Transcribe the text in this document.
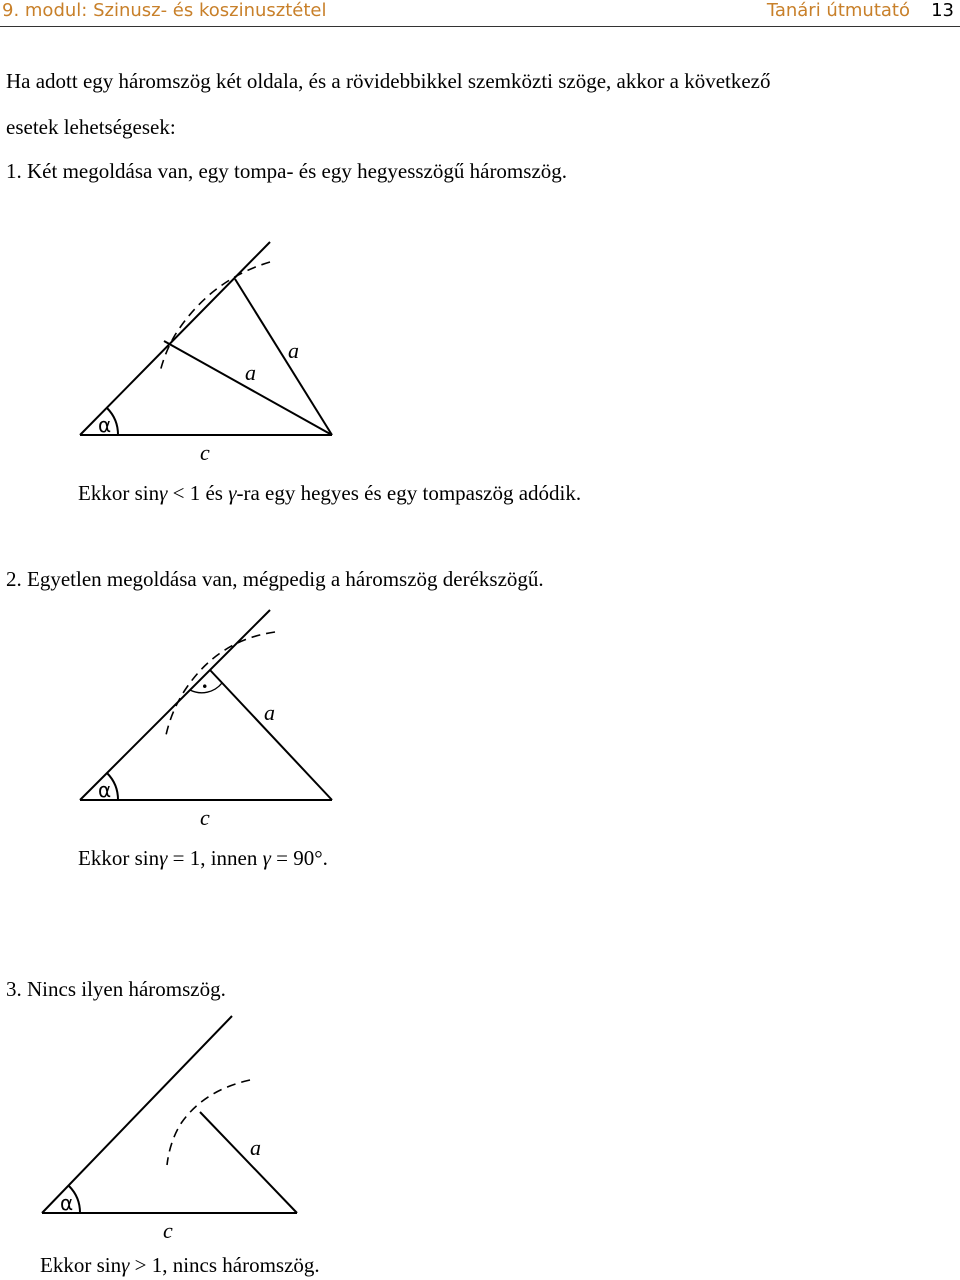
9. modul: Szinusz- és koszinusztétel	Tanári útmutató 13
Ha adott egy háromszög két oldala, és a rövidebbikkel szemközti szöge, akkor a következő
esetek lehetségesek:
1. Két megoldása van, egy tompa- és egy hegyesszögű háromszög.
α
c
a
a
Ekkor sinγ < 1 és γ-ra egy hegyes és egy tompaszög adódik.
2. Egyetlen megoldása van, mégpedig a háromszög derékszögű.
.
α
c
a
Ekkor sinγ = 1, innen γ = 90°.
3. Nincs ilyen háromszög.
α
c
a
Ekkor sinγ > 1, nincs háromszög.
